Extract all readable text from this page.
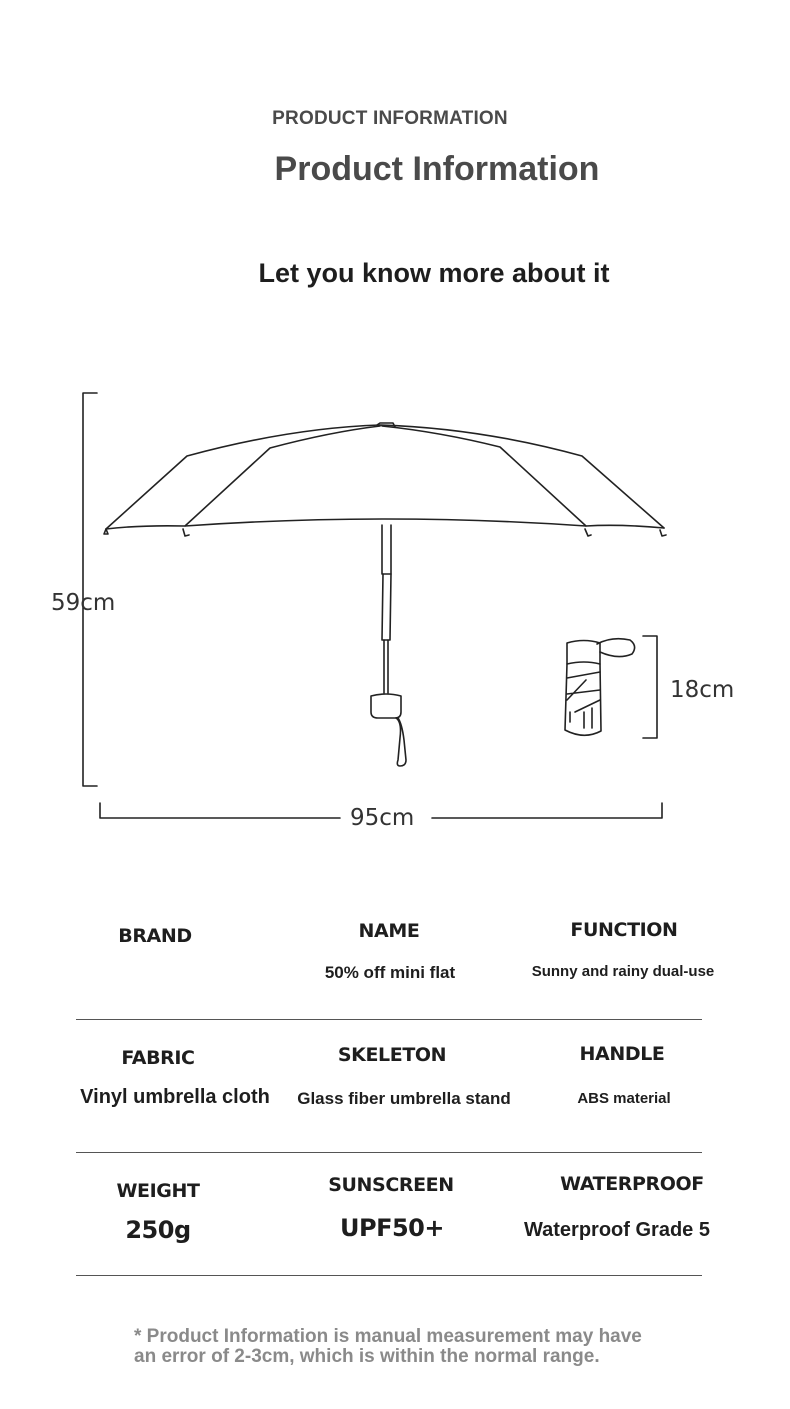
PRODUCT INFORMATION
Product Information
Let you know more about it
59cm
95cm
18cm
BRAND	NAME
50% off mini flat
FUNCTION
Sunny and rainy dual-use
FABRIC
Vinyl umbrella cloth
SKELETON
Glass fiber umbrella stand
HANDLE
ABS material
WEIGHT
250g
SUNSCREEN
UPF50+
WATERPROOF
Waterproof Grade 5
* Product Information is manual measurement may have an error of 2-3cm, which is within the normal range.
